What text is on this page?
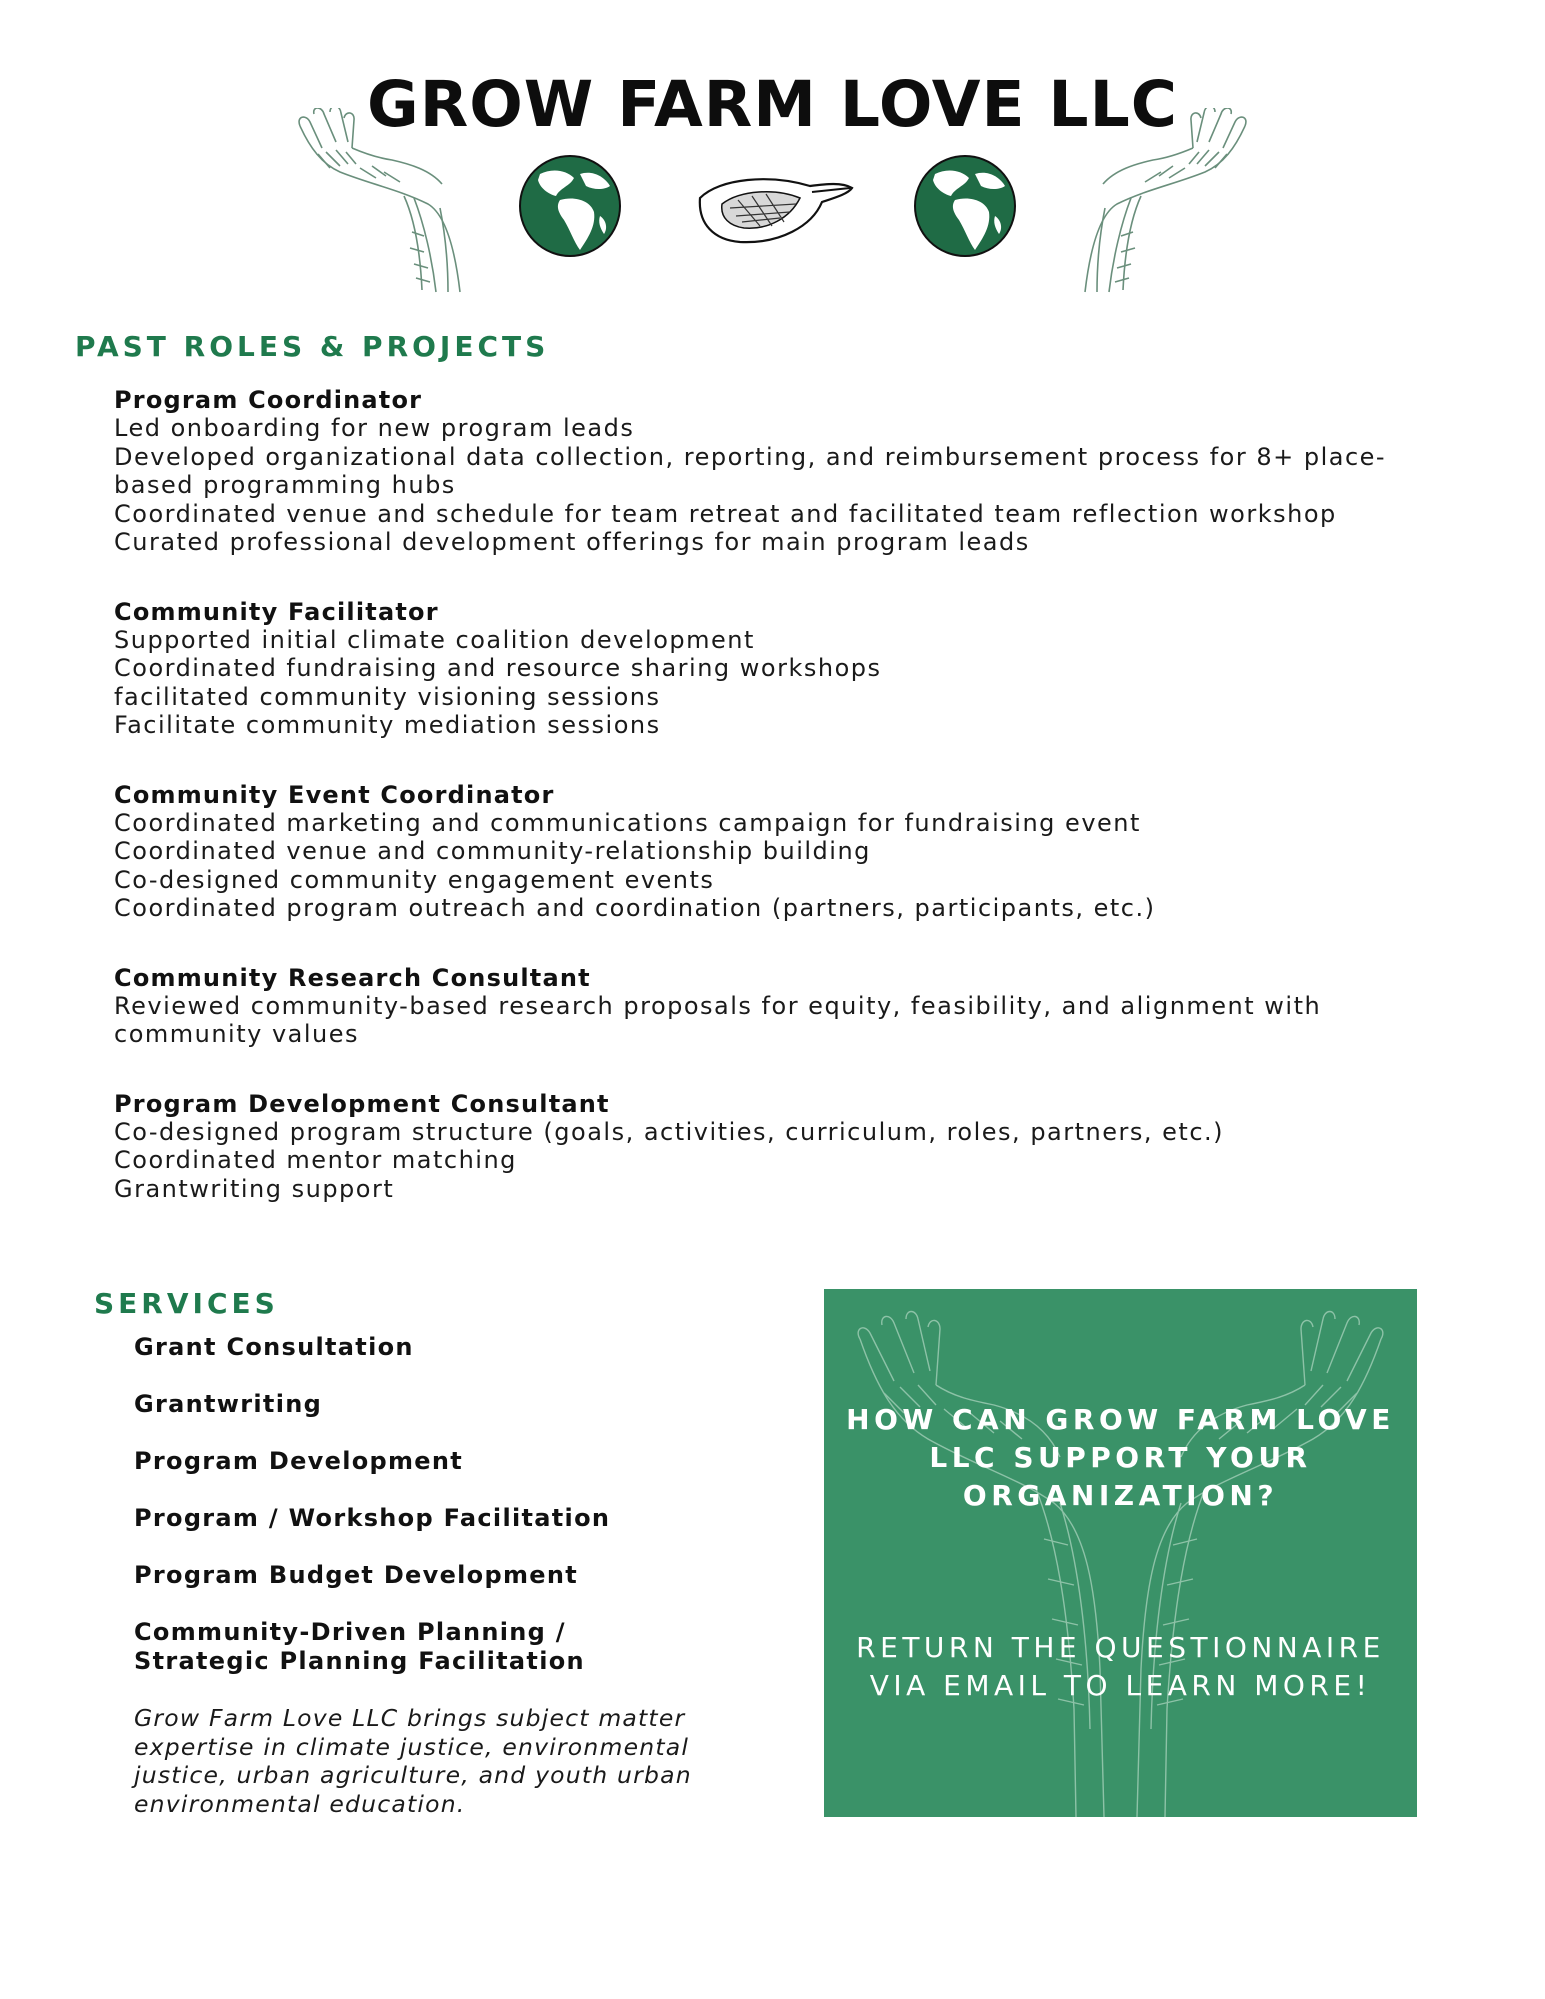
GROW FARM LOVE LLC
PAST ROLES & PROJECTS
Program Coordinator
Led onboarding for new program leads
Developed organizational data collection, reporting, and reimbursement process for 8+ place-
based programming hubs
Coordinated venue and schedule for team retreat and facilitated team reflection workshop
Curated professional development offerings for main program leads
Community Facilitator
Supported initial climate coalition development
Coordinated fundraising and resource sharing workshops
facilitated community visioning sessions
Facilitate community mediation sessions
Community Event Coordinator
Coordinated marketing and communications campaign for fundraising event
Coordinated venue and community-relationship building
Co-designed community engagement events
Coordinated program outreach and coordination (partners, participants, etc.)
Community Research Consultant
Reviewed community-based research proposals for equity, feasibility, and alignment with
community values
Program Development Consultant
Co-designed program structure (goals, activities, curriculum, roles, partners, etc.)
Coordinated mentor matching
Grantwriting support
SERVICES
Grant Consultation
Grantwriting
Program Development
Program / Workshop Facilitation
Program Budget Development
Community-Driven Planning / Strategic Planning Facilitation

Grow Farm Love LLC brings subject matter expertise in climate justice, environmental justice, urban agriculture, and youth urban environmental education.

HOW CAN GROW FARM LOVE LLC SUPPORT YOUR ORGANIZATION?
RETURN THE QUESTIONNAIRE VIA EMAIL TO LEARN MORE!
